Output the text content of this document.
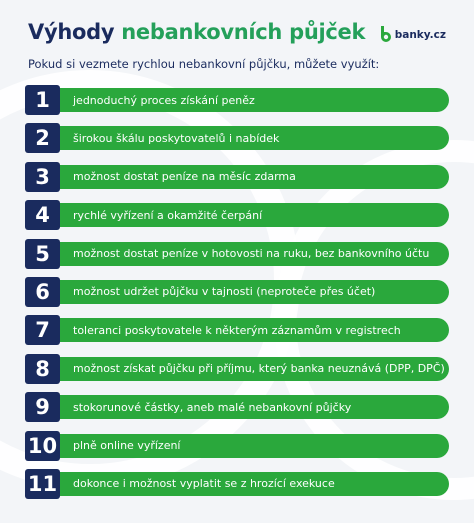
Výhody nebankovních půjček	banky.cz

Pokud si vezmete rychlou nebankovní půjčku, můžete využít:

1	jednoduchý proces získání peněz
2	širokou škálu poskytovatelů i nabídek
3	možnost dostat peníze na měsíc zdarma
4	rychlé vyřízení a okamžité čerpání
5	možnost dostat peníze v hotovosti na ruku, bez bankovního účtu
6	možnost udržet půjčku v tajnosti (neprotečе přes účet)
7	toleranci poskytovatele k některým záznamům v registrech
8	možnost získat půjčku při příjmu, který banka neuznává (DPP, DPČ)
9	stokorunové částky, aneb malé nebankovní půjčky
10 plně online vyřízení
11 dokonce i možnost vyplatit se z hrozící exekuce
